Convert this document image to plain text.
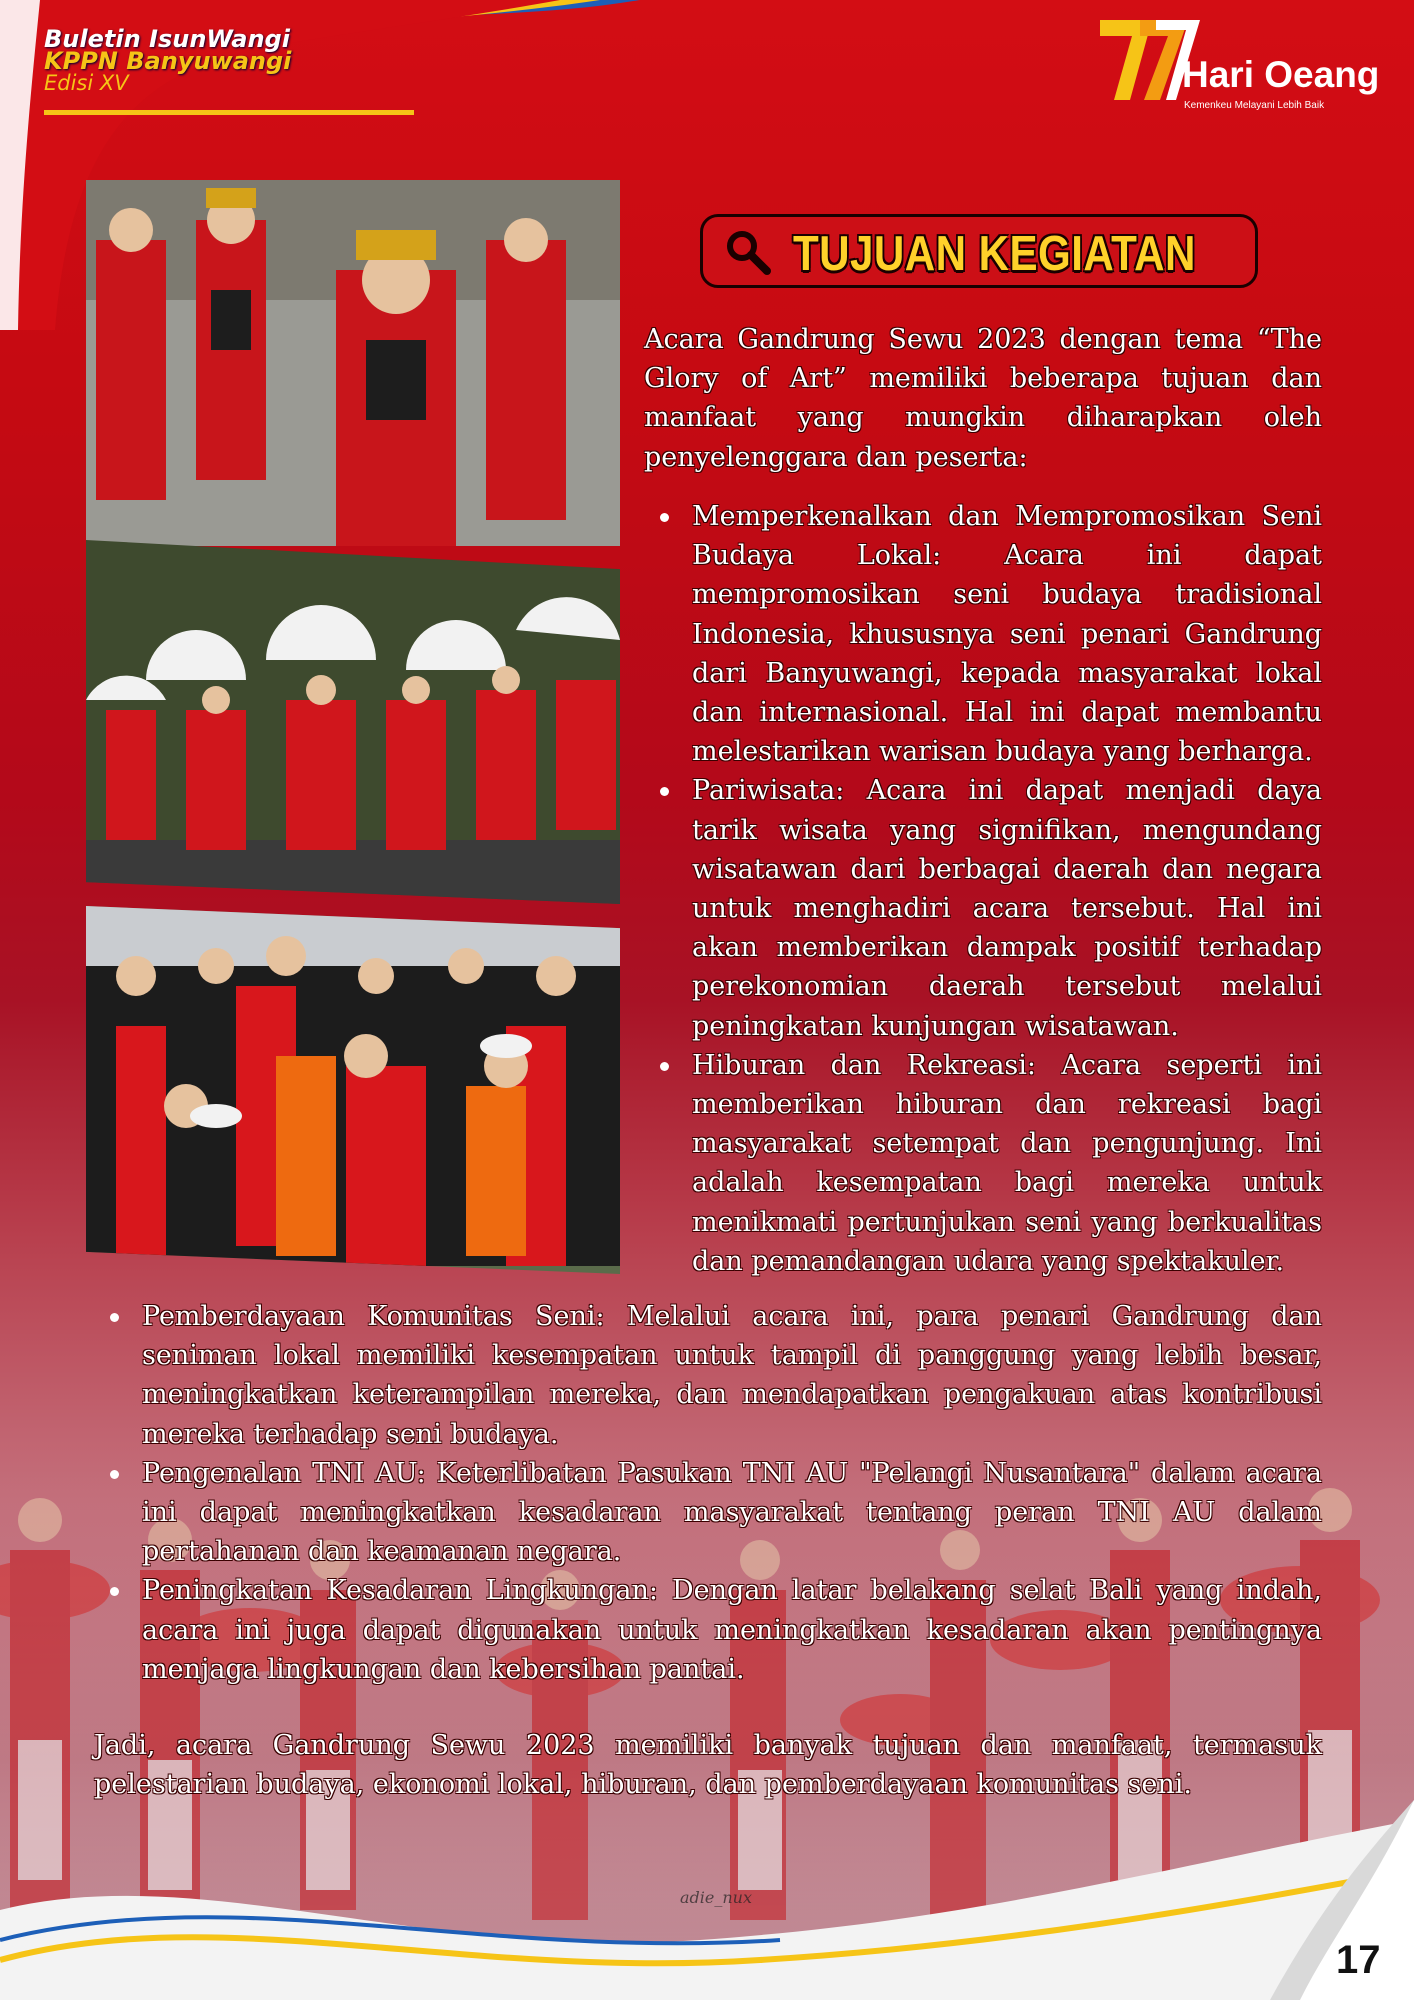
Buletin IsunWangi
KPPN Banyuwangi
Edisi XV	Hari Oeang
Kemenkeu Melayani Lebih Baik
TUJUAN KEGIATAN
Acara Gandrung Sewu 2023 dengan tema “The Glory of Art” memiliki beberapa tujuan dan manfaat yang mungkin diharapkan oleh penyelenggara dan peserta:
Memperkenalkan dan Mempromosikan Seni Budaya Lokal: Acara ini dapat mempromosikan seni budaya tradisional Indonesia, khususnya seni penari Gandrung dari Banyuwangi, kepada masyarakat lokal dan internasional. Hal ini dapat membantu melestarikan warisan budaya yang berharga.
Pariwisata: Acara ini dapat menjadi daya tarik wisata yang signifikan, mengundang wisatawan dari berbagai daerah dan negara untuk menghadiri acara tersebut. Hal ini akan memberikan dampak positif terhadap perekonomian daerah tersebut melalui peningkatan kunjungan wisatawan.
Hiburan dan Rekreasi: Acara seperti ini memberikan hiburan dan rekreasi bagi masyarakat setempat dan pengunjung. Ini adalah kesempatan bagi mereka untuk menikmati pertunjukan seni yang berkualitas dan pemandangan udara yang spektakuler.
Pemberdayaan Komunitas Seni: Melalui acara ini, para penari Gandrung dan seniman lokal memiliki kesempatan untuk tampil di panggung yang lebih besar, meningkatkan keterampilan mereka, dan mendapatkan pengakuan atas kontribusi mereka terhadap seni budaya.
Pengenalan TNI AU: Keterlibatan Pasukan TNI AU "Pelangi Nusantara" dalam acara ini dapat meningkatkan kesadaran masyarakat tentang peran TNI AU dalam pertahanan dan keamanan negara.
Peningkatan Kesadaran Lingkungan: Dengan latar belakang selat Bali yang indah, acara ini juga dapat digunakan untuk meningkatkan kesadaran akan pentingnya menjaga lingkungan dan kebersihan pantai.
Jadi, acara Gandrung Sewu 2023 memiliki banyak tujuan dan manfaat, termasuk pelestarian budaya, ekonomi lokal, hiburan, dan pemberdayaan komunitas seni.
adie_nux
17
